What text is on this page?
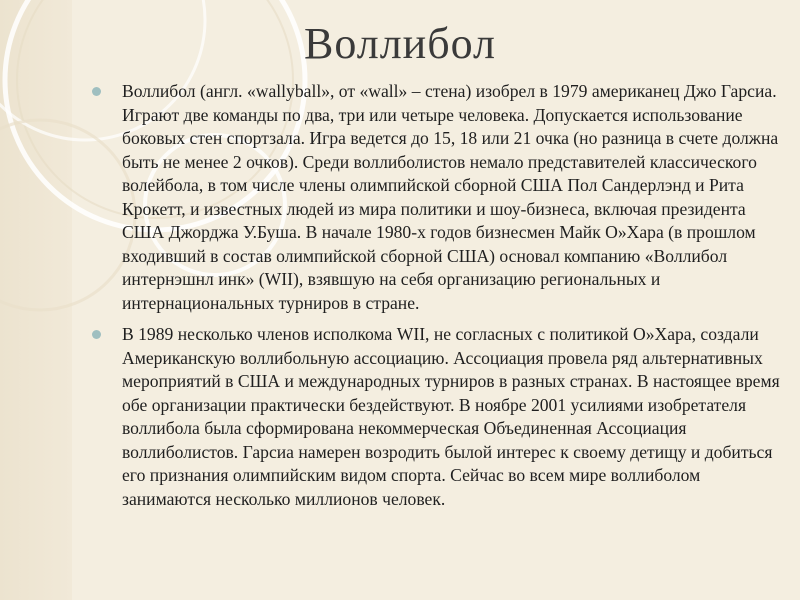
Воллибол
Воллибол (англ. «wallyball», от «wall» – стена) изобрел в 1979 американец Джо Гарсиа. Играют две команды по два, три или четыре человека. Допускается использование боковых стен спортзала. Игра ведется до 15, 18 или 21 очка (но разница в счете должна быть не менее 2 очков). Среди воллиболистов немало представителей классического волейбола, в том числе члены олимпийской сборной США Пол Сандерлэнд и Рита Крокетт, и известных людей из мира политики и шоу-бизнеса, включая президента США Джорджа У.Буша. В начале 1980-х годов бизнесмен Майк О»Хара (в прошлом входивший в состав олимпийской сборной США) основал компанию «Воллибол интернэшнл инк» (WII), взявшую на себя организацию региональных и интернациональных турниров в стране.
В 1989 несколько членов исполкома WII, не согласных с политикой О»Хара, создали Американскую воллибольную ассоциацию. Ассоциация провела ряд альтернативных мероприятий в США и международных турниров в разных странах. В настоящее время обе организации практически бездействуют. В ноябре 2001 усилиями изобретателя воллибола была сформирована некоммерческая Объединенная Ассоциация воллиболистов. Гарсиа намерен возродить былой интерес к своему детищу и добиться его признания олимпийским видом спорта. Сейчас во всем мире воллиболом занимаются несколько миллионов человек.
